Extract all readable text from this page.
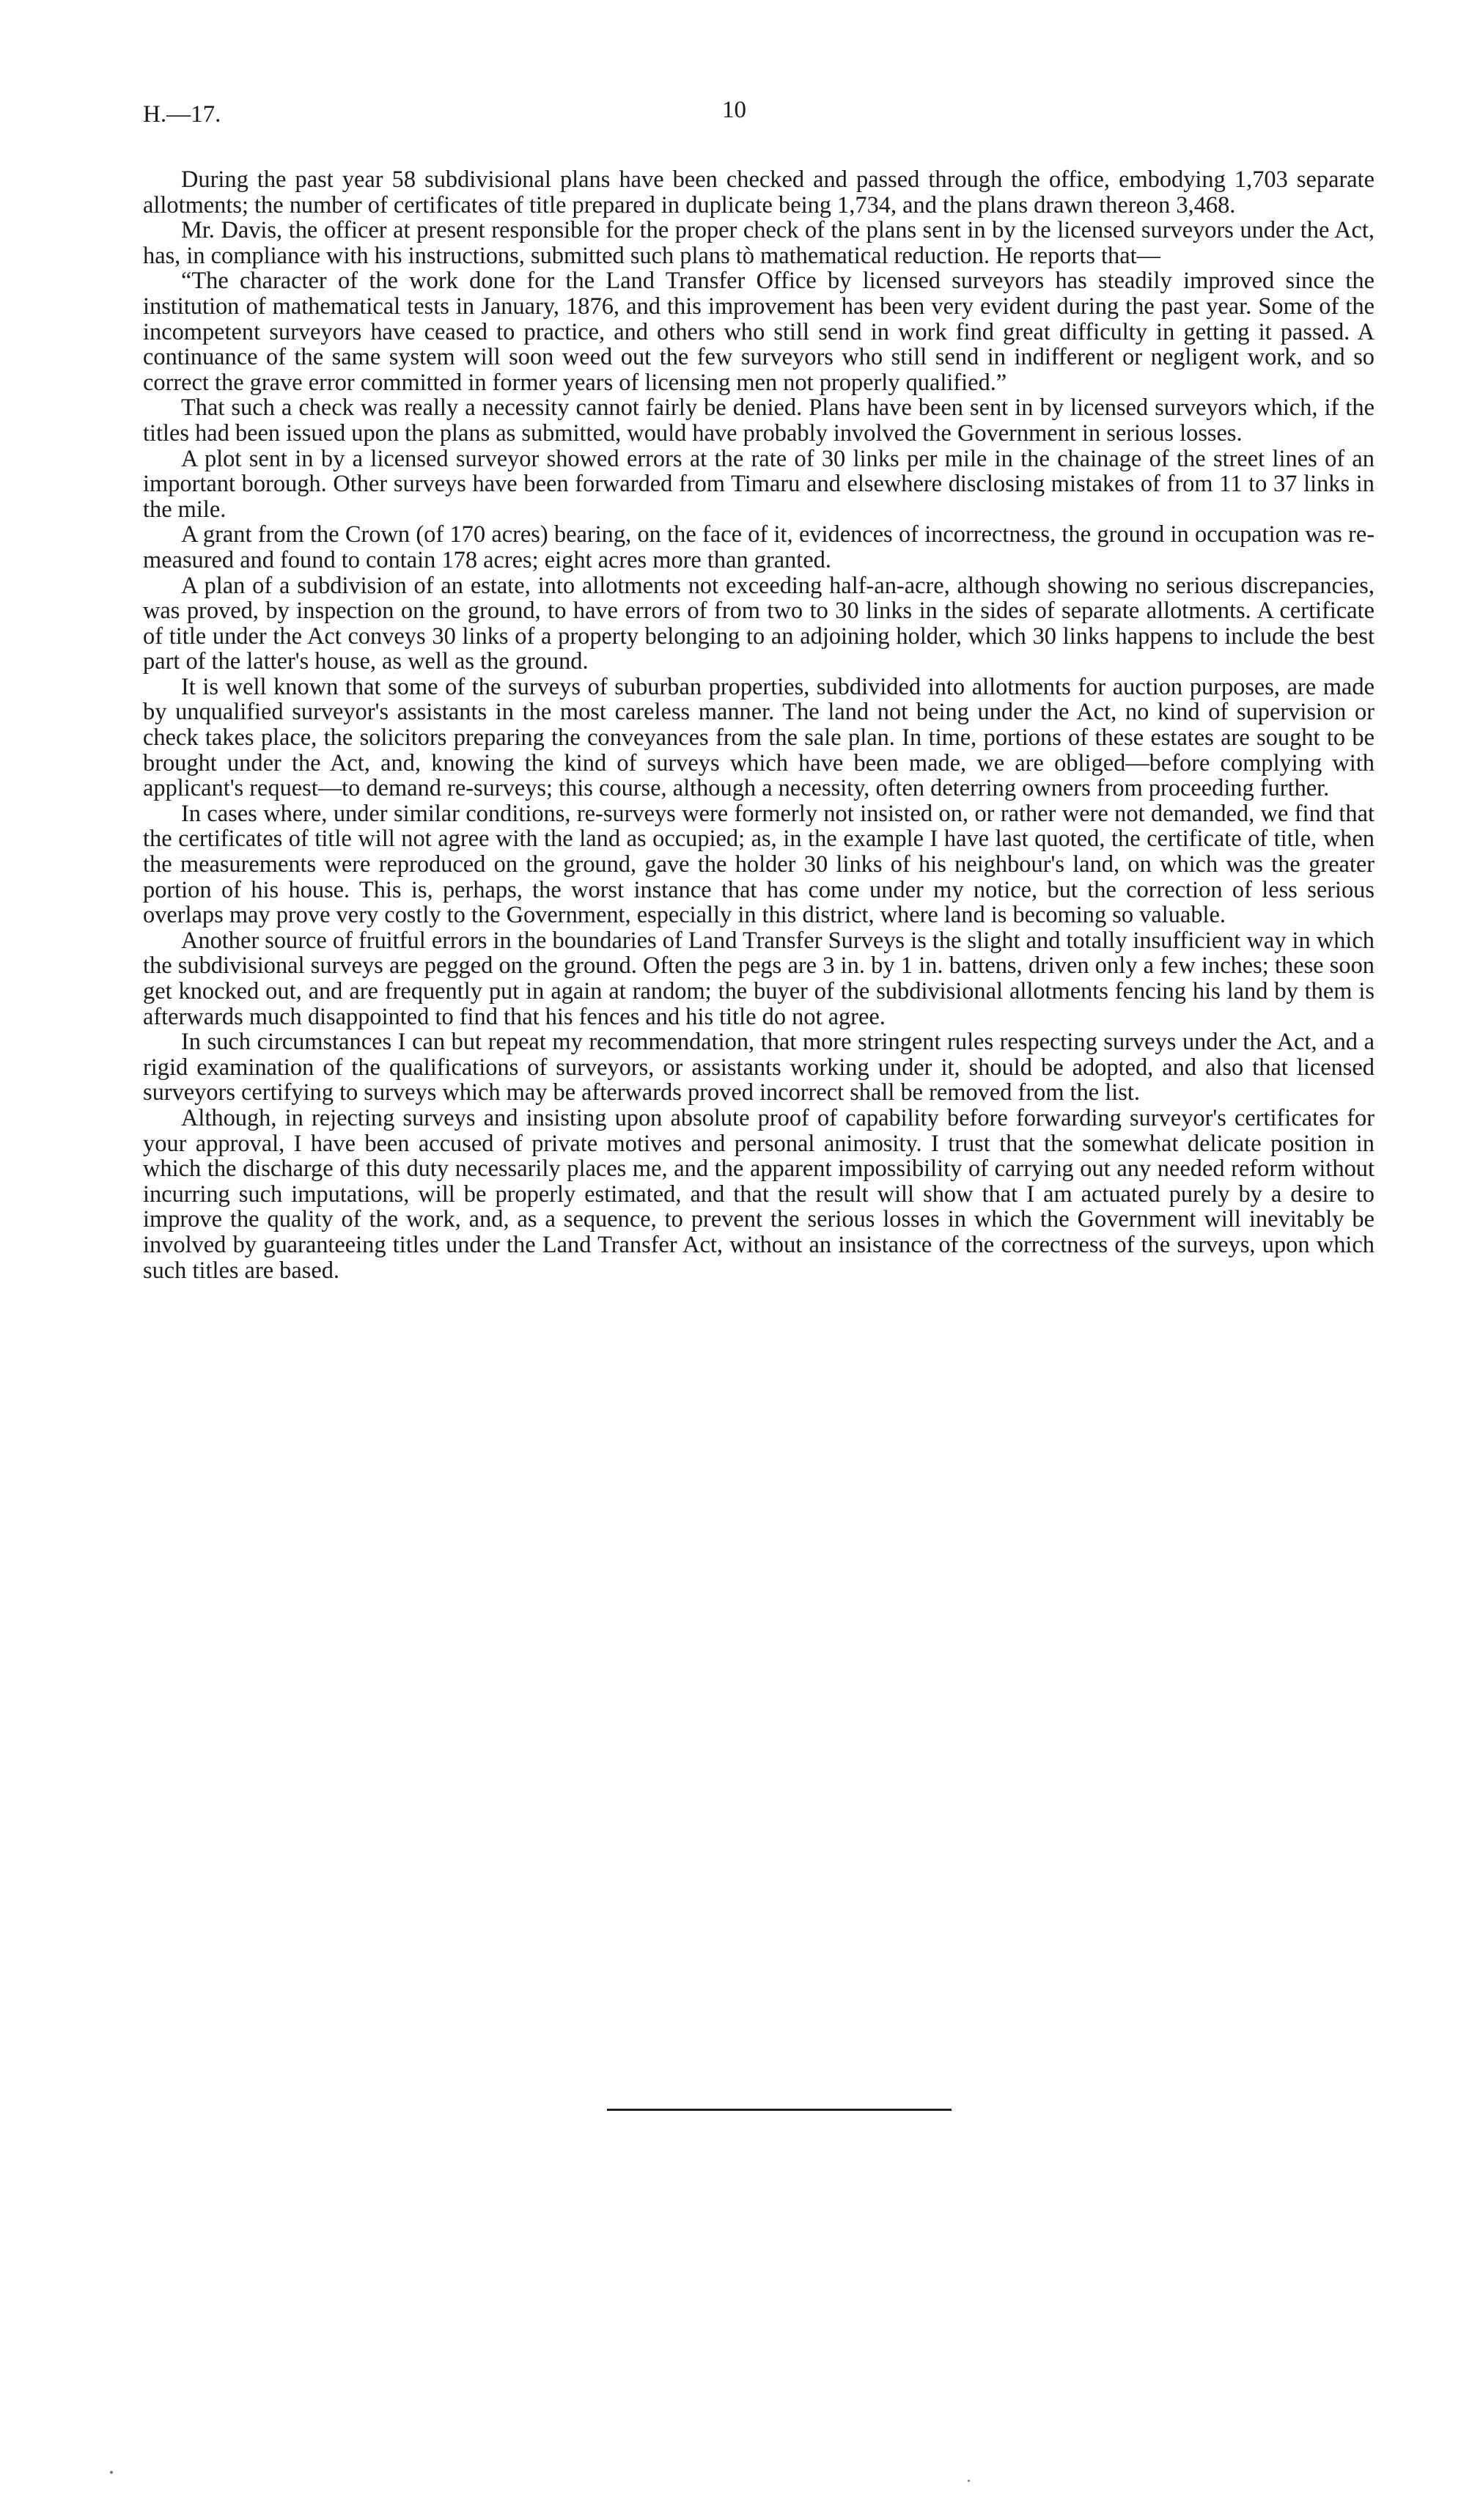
H.—17.	10

During the past year 58 subdivisional plans have been checked and passed through the office, embodying 1,703 separate allotments; the number of certificates of title prepared in duplicate being 1,734, and the plans drawn thereon 3,468.

Mr. Davis, the officer at present responsible for the proper check of the plans sent in by the licensed surveyors under the Act, has, in compliance with his instructions, submitted such plans tò mathematical reduction. He reports that—

“The character of the work done for the Land Transfer Office by licensed surveyors has steadily improved since the institution of mathematical tests in January, 1876, and this improvement has been very evident during the past year. Some of the incompetent surveyors have ceased to practice, and others who still send in work find great difficulty in getting it passed. A continuance of the same system will soon weed out the few surveyors who still send in indifferent or negligent work, and so correct the grave error committed in former years of licensing men not properly qualified.”

That such a check was really a necessity cannot fairly be denied. Plans have been sent in by licensed surveyors which, if the titles had been issued upon the plans as submitted, would have probably involved the Government in serious losses.

A plot sent in by a licensed surveyor showed errors at the rate of 30 links per mile in the chainage of the street lines of an important borough. Other surveys have been forwarded from Timaru and elsewhere disclosing mistakes of from 11 to 37 links in the mile.

A grant from the Crown (of 170 acres) bearing, on the face of it, evidences of incorrectness, the ground in occupation was re-measured and found to contain 178 acres; eight acres more than granted.

A plan of a subdivision of an estate, into allotments not exceeding half-an-acre, although showing no serious discrepancies, was proved, by inspection on the ground, to have errors of from two to 30 links in the sides of separate allotments. A certificate of title under the Act conveys 30 links of a property belonging to an adjoining holder, which 30 links happens to include the best part of the latter's house, as well as the ground.

It is well known that some of the surveys of suburban properties, subdivided into allotments for auction purposes, are made by unqualified surveyor's assistants in the most careless manner. The land not being under the Act, no kind of supervision or check takes place, the solicitors preparing the conveyances from the sale plan. In time, portions of these estates are sought to be brought under the Act, and, knowing the kind of surveys which have been made, we are obliged—before complying with applicant's request—to demand re-surveys; this course, although a necessity, often deterring owners from proceeding further.

In cases where, under similar conditions, re-surveys were formerly not insisted on, or rather were not demanded, we find that the certificates of title will not agree with the land as occupied; as, in the example I have last quoted, the certificate of title, when the measurements were reproduced on the ground, gave the holder 30 links of his neighbour's land, on which was the greater portion of his house. This is, perhaps, the worst instance that has come under my notice, but the correction of less serious overlaps may prove very costly to the Government, especially in this district, where land is becoming so valuable.

Another source of fruitful errors in the boundaries of Land Transfer Surveys is the slight and totally insufficient way in which the subdivisional surveys are pegged on the ground. Often the pegs are 3 in. by 1 in. battens, driven only a few inches; these soon get knocked out, and are frequently put in again at random; the buyer of the subdivisional allotments fencing his land by them is afterwards much disappointed to find that his fences and his title do not agree.

In such circumstances I can but repeat my recommendation, that more stringent rules respecting surveys under the Act, and a rigid examination of the qualifications of surveyors, or assistants working under it, should be adopted, and also that licensed surveyors certifying to surveys which may be afterwards proved incorrect shall be removed from the list.

Although, in rejecting surveys and insisting upon absolute proof of capability before forwarding surveyor's certificates for your approval, I have been accused of private motives and personal animosity. I trust that the somewhat delicate position in which the discharge of this duty necessarily places me, and the apparent impossibility of carrying out any needed reform without incurring such imputations, will be properly estimated, and that the result will show that I am actuated purely by a desire to improve the quality of the work, and, as a sequence, to prevent the serious losses in which the Government will inevitably be involved by guaranteeing titles under the Land Transfer Act, without an insistance of the correctness of the surveys, upon which such titles are based.
